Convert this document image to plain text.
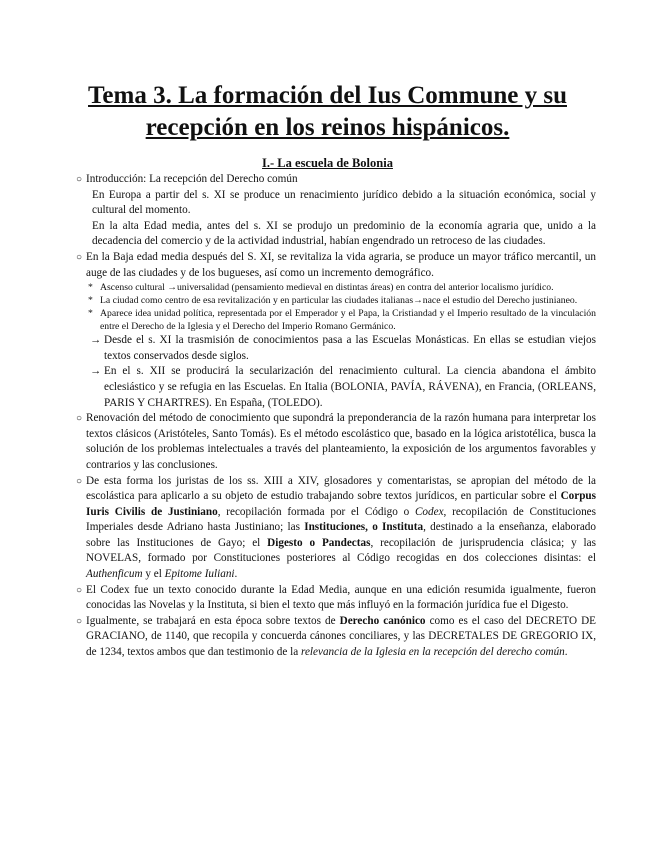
Tema 3. La formación del Ius Commune y su
recepción en los reinos hispánicos.
I.- La escuela de Bolonia
○ Introducción: La recepción del Derecho común
En Europa a partir del s. XI se produce un renacimiento jurídico debido a la situación económica, social y cultural del momento.
En la alta Edad media, antes del s. XI se produjo un predominio de la economía agraria que, unido a la decadencia del comercio y de la actividad industrial, habían engendrado un retroceso de las ciudades.
○ En la Baja edad media después del S. XI, se revitaliza la vida agraria, se produce un mayor tráfico mercantil, un auge de las ciudades y de los bugueses, así como un incremento demográfico.
* Ascenso cultural →universalidad (pensamiento medieval en distintas áreas) en contra del anterior localismo jurídico.
* La ciudad como centro de esa revitalización y en particular las ciudades italianas→nace el estudio del Derecho justinianeo.
* Aparece idea unidad política, representada por el Emperador y el Papa, la Cristiandad y el Imperio resultado de la vinculación entre el Derecho de la Iglesia y el Derecho del Imperio Romano Germánico.
→ Desde el s. XI la trasmisión de conocimientos pasa a las Escuelas Monásticas. En ellas se estudian viejos textos conservados desde siglos.
→ En el s. XII se producirá la secularización del renacimiento cultural. La ciencia abandona el ámbito eclesiástico y se refugia en las Escuelas. En Italia (BOLONIA, PAVÍA, RÁVENA), en Francia, (ORLEANS, PARIS Y CHARTRES). En España, (TOLEDO).
○ Renovación del método de conocimiento que supondrá la preponderancia de la razón humana para interpretar los textos clásicos (Aristóteles, Santo Tomás). Es el método escolástico que, basado en la lógica aristotélica, busca la solución de los problemas intelectuales a través del planteamiento, la exposición de los argumentos favorables y contrarios y las conclusiones.
○ De esta forma los juristas de los ss. XIII a XIV, glosadores y comentaristas, se apropian del método de la escolástica para aplicarlo a su objeto de estudio trabajando sobre textos jurídicos, en particular sobre el Corpus Iuris Civilis de Justiniano, recopilación formada por el Código o Codex, recopilación de Constituciones Imperiales desde Adriano hasta Justiniano; las Instituciones, o Instituta, destinado a la enseñanza, elaborado sobre las Instituciones de Gayo; el Digesto o Pandectas, recopilación de jurisprudencia clásica; y las NOVELAS, formado por Constituciones posteriores al Código recogidas en dos colecciones disintas: el Authenficum y el Epitome Iuliani.
○ El Codex fue un texto conocido durante la Edad Media, aunque en una edición resumida igualmente, fueron conocidas las Novelas y la Instituta, si bien el texto que más influyó en la formación jurídica fue el Digesto.
○ Igualmente, se trabajará en esta época sobre textos de Derecho canónico como es el caso del DECRETO DE GRACIANO, de 1140, que recopila y concuerda cánones conciliares, y las DECRETALES DE GREGORIO IX, de 1234, textos ambos que dan testimonio de la relevancia de la Iglesia en la recepción del derecho común.
